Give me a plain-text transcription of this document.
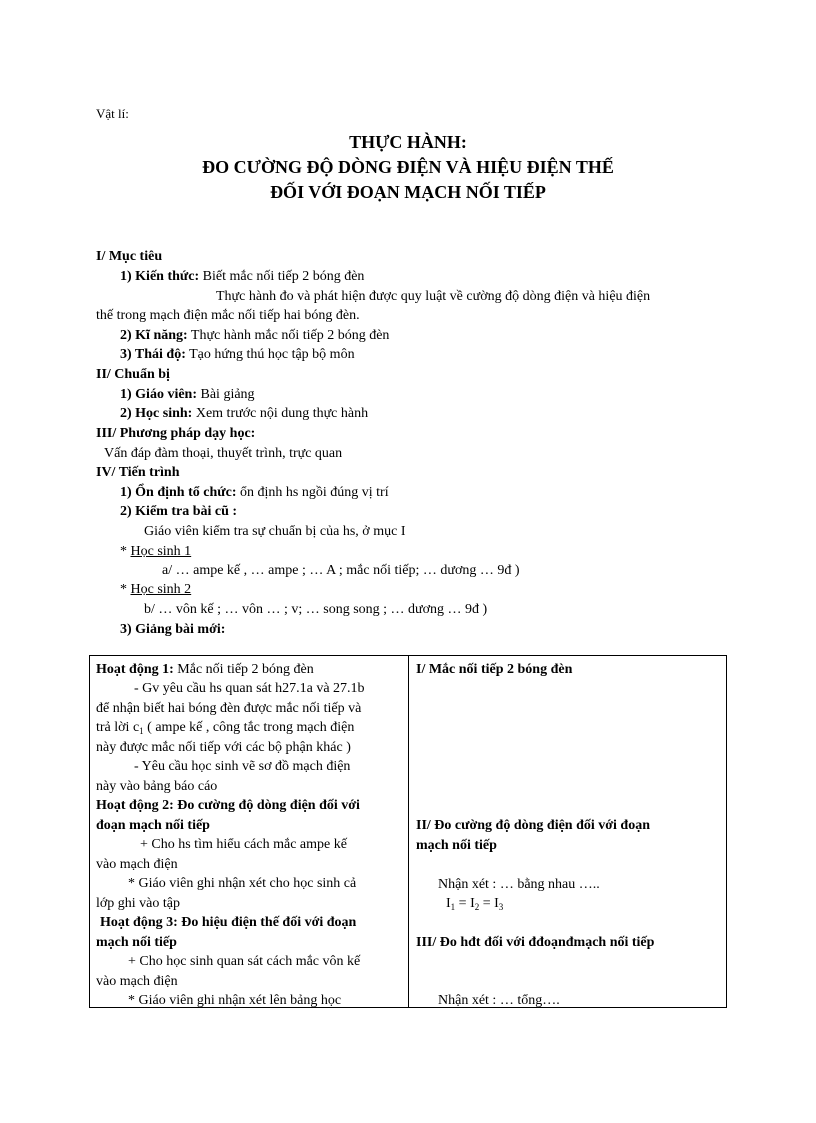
Vật lí:
THỰC HÀNH:
ĐO CƯỜNG ĐỘ DÒNG ĐIỆN VÀ HIỆU ĐIỆN THẾ
ĐỐI VỚI ĐOẠN MẠCH NỐI TIẾP
I/ Mục tiêu
1) Kiến thức: Biết mắc nối tiếp 2 bóng đèn
Thực hành đo và phát hiện được quy luật về cường độ dòng điện và hiệu điện
thế trong mạch điện mắc nối tiếp hai bóng đèn.
2) Kĩ năng: Thực hành mắc nối tiếp 2 bóng đèn
3) Thái độ: Tạo hứng thú học tập bộ môn
II/ Chuẩn bị
1) Giáo viên: Bài giảng
2) Học sinh: Xem trước nội dung thực hành
III/ Phương pháp dạy học:
Vấn đáp đàm thoại, thuyết trình, trực quan
IV/ Tiến trình
1) Ổn định tổ chức: ổn định hs ngồi đúng vị trí
2) Kiểm tra bài cũ :
Giáo viên kiểm tra sự chuẩn bị của hs, ở mục I
* Học sinh 1
a/ … ampe kế , … ampe ; … A ; mắc nối tiếp; … dương … 9đ )
* Học sinh 2
b/ … vôn kế ; … vôn … ; v; … song song ; … dương … 9đ )
3) Giảng bài mới:
Hoạt động 1: Mắc nối tiếp 2 bóng đèn
- Gv yêu cầu hs quan sát h27.1a và 27.1b
để nhận biết hai bóng đèn được mắc nối tiếp và
trả lời $c_1$ ( ampe kế , công tắc trong mạch điện
này được mắc nối tiếp với các bộ phận khác )
- Yêu cầu học sinh vẽ sơ đồ mạch điện
này vào bảng báo cáo
Hoạt động 2: Đo cường độ dòng điện đối với
đoạn mạch nối tiếp
+ Cho hs tìm hiểu cách mắc ampe kế
vào mạch điện
* Giáo viên ghi nhận xét cho học sinh cả
lớp ghi vào tập
Hoạt động 3: Đo hiệu điện thế đối với đoạn
mạch nối tiếp
+ Cho học sinh quan sát cách mắc vôn kế
vào mạch điện
* Giáo viên ghi nhận xét lên bảng học
I/ Mắc nối tiếp 2 bóng đèn
II/ Đo cường độ dòng điện đối với đoạn
mạch nối tiếp
Nhận xét : … bằng nhau …..
$I_1 = I_2 = I_3$
III/ Đo hđt đối với đđoạnđmạch nối tiếp
Nhận xét : … tổng….
